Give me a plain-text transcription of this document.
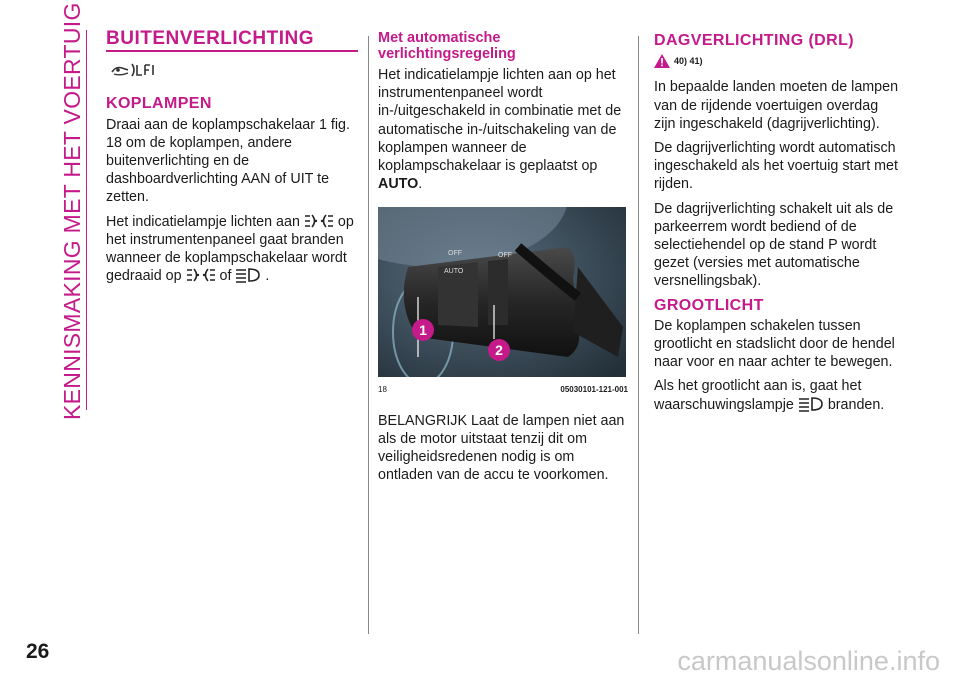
KENNISMAKING MET HET VOERTUIG BUITENVERLICHTING
KOPLAMPEN

Draai aan de koplampschakelaar 1 fig. 18 om de koplampen, andere buitenverlichting en de dashboardverlichting AAN of UIT te zetten.

Het indicatielampje lichten aan	op het instrumentenpaneel gaat branden wanneer de koplampschakelaar wordt gedraaid op	of .

Met automatische verlichtingsregeling

Het indicatielampje lichten aan op het instrumentenpaneel wordt in-/uitgeschakeld in combinatie met de automatische in-/uitschakeling van de koplampen wanneer de koplampschakelaar is geplaatst op AUTO.

OFF
AUTO
OFF
1
2
18	05030101-121-001

BELANGRIJK Laat de lampen niet aan als de motor uitstaat tenzij dit om veiligheidsredenen nodig is om ontladen van de accu te voorkomen.

DAGVERLICHTING (DRL)
40) 41)

In bepaalde landen moeten de lampen van de rijdende voertuigen overdag zijn ingeschakeld (dagrijverlichting).

De dagrijverlichting wordt automatisch ingeschakeld als het voertuig start met rijden.

De dagrijverlichting schakelt uit als de parkeerrem wordt bediend of de selectiehendel op de stand P wordt gezet (versies met automatische versnellingsbak).

GROOTLICHT

De koplampen schakelen tussen grootlicht en stadslicht door de hendel naar voor en naar achter te bewegen.

Als het grootlicht aan is, gaat het waarschuwingslampje branden.

26	carmanualsonline.info
